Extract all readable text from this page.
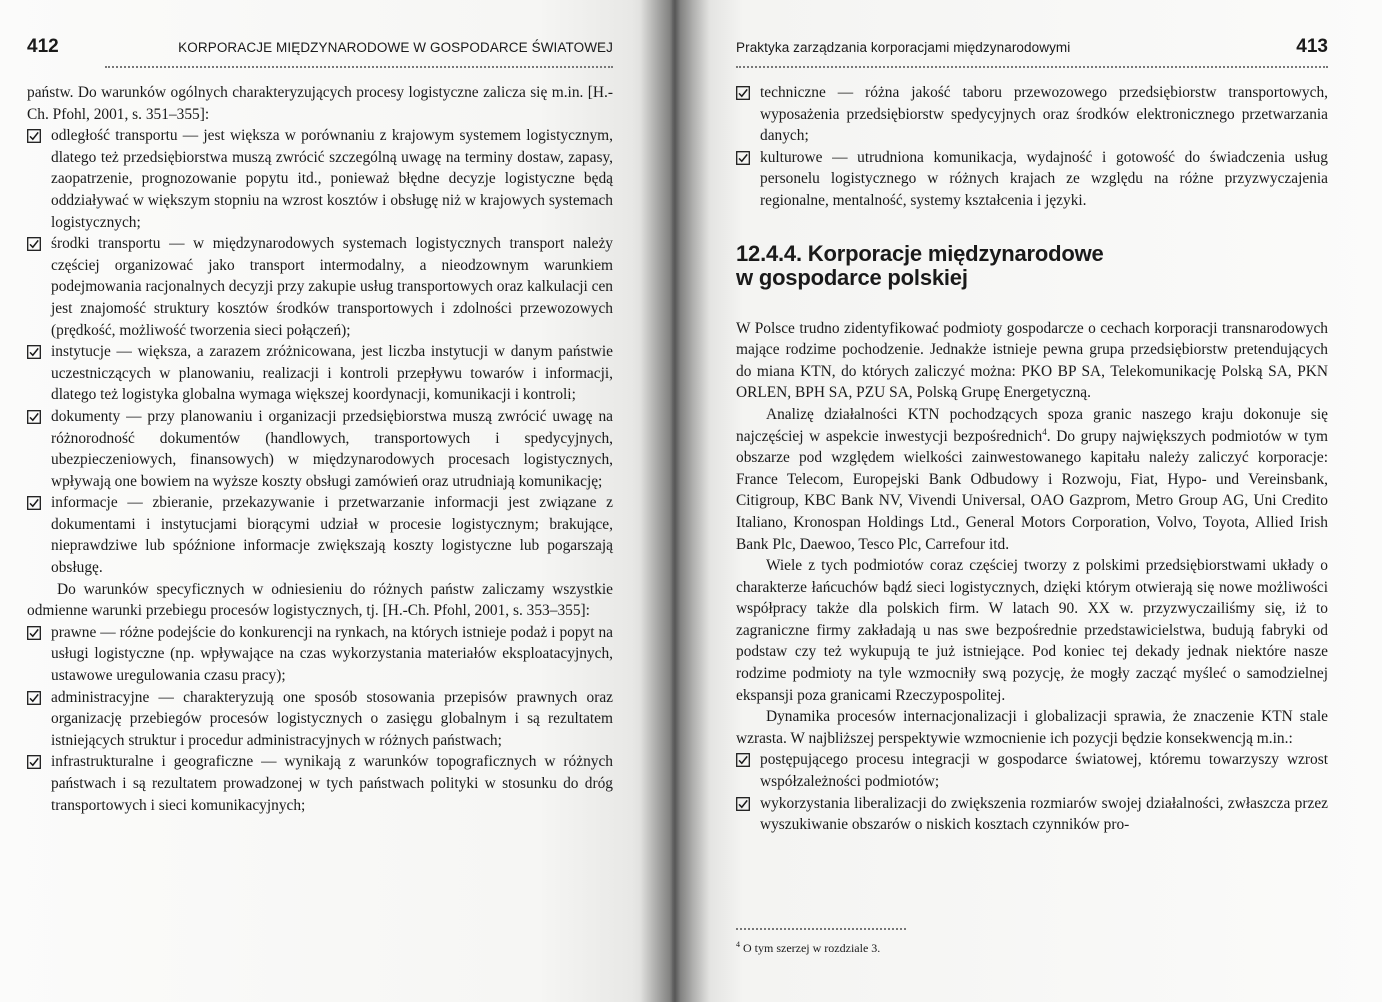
412	KORPORACJE MIĘDZYNARODOWE W GOSPODARCE ŚWIATOWEJ

państw. Do warunków ogólnych charakteryzujących procesy logistyczne zalicza się m.in. [H.-Ch. Pfohl, 2001, s. 351–355]:

odległość transportu — jest większa w porównaniu z krajowym systemem logistycznym, dlatego też przedsiębiorstwa muszą zwrócić szczególną uwagę na terminy dostaw, zapasy, zaopatrzenie, prognozowanie popytu itd., ponieważ błędne decyzje logistyczne będą oddziaływać w większym stopniu na wzrost kosztów i obsługę niż w krajowych systemach logistycznych;
środki transportu — w międzynarodowych systemach logistycznych transport należy częściej organizować jako transport intermodalny, a nieodzownym warunkiem podejmowania racjonalnych decyzji przy zakupie usług transportowych oraz kalkulacji cen jest znajomość struktury kosztów środków transportowych i zdolności przewozowych (prędkość, możliwość tworzenia sieci połączeń);
instytucje — większa, a zarazem zróżnicowana, jest liczba instytucji w danym państwie uczestniczących w planowaniu, realizacji i kontroli przepływu towarów i informacji, dlatego też logistyka globalna wymaga większej koordynacji, komunikacji i kontroli;
dokumenty — przy planowaniu i organizacji przedsiębiorstwa muszą zwrócić uwagę na różnorodność dokumentów (handlowych, transportowych i spedycyjnych, ubezpieczeniowych, finansowych) w międzynarodowych procesach logistycznych, wpływają one bowiem na wyższe koszty obsługi zamówień oraz utrudniają komunikację;
informacje — zbieranie, przekazywanie i przetwarzanie informacji jest związane z dokumentami i instytucjami biorącymi udział w procesie logistycznym; brakujące, nieprawdziwe lub spóźnione informacje zwiększają koszty logistyczne lub pogarszają obsługę.

Do warunków specyficznych w odniesieniu do różnych państw zaliczamy wszystkie odmienne warunki przebiegu procesów logistycznych, tj. [H.-Ch. Pfohl, 2001, s. 353–355]:

prawne — różne podejście do konkurencji na rynkach, na których istnieje podaż i popyt na usługi logistyczne (np. wpływające na czas wykorzystania materiałów eksploatacyjnych, ustawowe uregulowania czasu pracy);
administracyjne — charakteryzują one sposób stosowania przepisów prawnych oraz organizację przebiegów procesów logistycznych o zasięgu globalnym i są rezultatem istniejących struktur i procedur administracyjnych w różnych państwach;
infrastrukturalne i geograficzne — wynikają z warunków topograficznych w różnych państwach i są rezultatem prowadzonej w tych państwach polityki w stosunku do dróg transportowych i sieci komunikacyjnych;
Praktyka zarządzania korporacjami międzynarodowymi	413
techniczne — różna jakość taboru przewozowego przedsiębiorstw transportowych, wyposażenia przedsiębiorstw spedycyjnych oraz środków elektronicznego przetwarzania danych;
kulturowe — utrudniona komunikacja, wydajność i gotowość do świadczenia usług personelu logistycznego w różnych krajach ze względu na różne przyzwyczajenia regionalne, mentalność, systemy kształcenia i języki.
12.4.4. Korporacje międzynarodowe
w gospodarce polskiej

W Polsce trudno zidentyfikować podmioty gospodarcze o cechach korporacji transnarodowych mające rodzime pochodzenie. Jednakże istnieje pewna grupa przedsiębiorstw pretendujących do miana KTN, do których zaliczyć można: PKO BP SA, Telekomunikację Polską SA, PKN ORLEN, BPH SA, PZU SA, Polską Grupę Energetyczną.

Analizę działalności KTN pochodzących spoza granic naszego kraju dokonuje się najczęściej w aspekcie inwestycji bezpośrednich$^4$. Do grupy największych podmiotów w tym obszarze pod względem wielkości zainwestowanego kapitału należy zaliczyć korporacje: France Telecom, Europejski Bank Odbudowy i Rozwoju, Fiat, Hypo- und Vereinsbank, Citigroup, KBC Bank NV, Vivendi Universal, OAO Gazprom, Metro Group AG, Uni Credito Italiano, Kronospan Holdings Ltd., General Motors Corporation, Volvo, Toyota, Allied Irish Bank Plc, Daewoo, Tesco Plc, Carrefour itd.

Wiele z tych podmiotów coraz częściej tworzy z polskimi przedsiębiorstwami układy o charakterze łańcuchów bądź sieci logistycznych, dzięki którym otwierają się nowe możliwości współpracy także dla polskich firm. W latach 90. XX w. przyzwyczailiśmy się, iż to zagraniczne firmy zakładają u nas swe bezpośrednie przedstawicielstwa, budują fabryki od podstaw czy też wykupują te już istniejące. Pod koniec tej dekady jednak niektóre nasze rodzime podmioty na tyle wzmocniły swą pozycję, że mogły zacząć myśleć o samodzielnej ekspansji poza granicami Rzeczypospolitej.

Dynamika procesów internacjonalizacji i globalizacji sprawia, że znaczenie KTN stale wzrasta. W najbliższej perspektywie wzmocnienie ich pozycji będzie konsekwencją m.in.:

postępującego procesu integracji w gospodarce światowej, któremu towarzyszy wzrost współzależności podmiotów;
wykorzystania liberalizacji do zwiększenia rozmiarów swojej działalności, zwłaszcza przez wyszukiwanie obszarów o niskich kosztach czynników pro-
$^4$ O tym szerzej w rozdziale 3.
